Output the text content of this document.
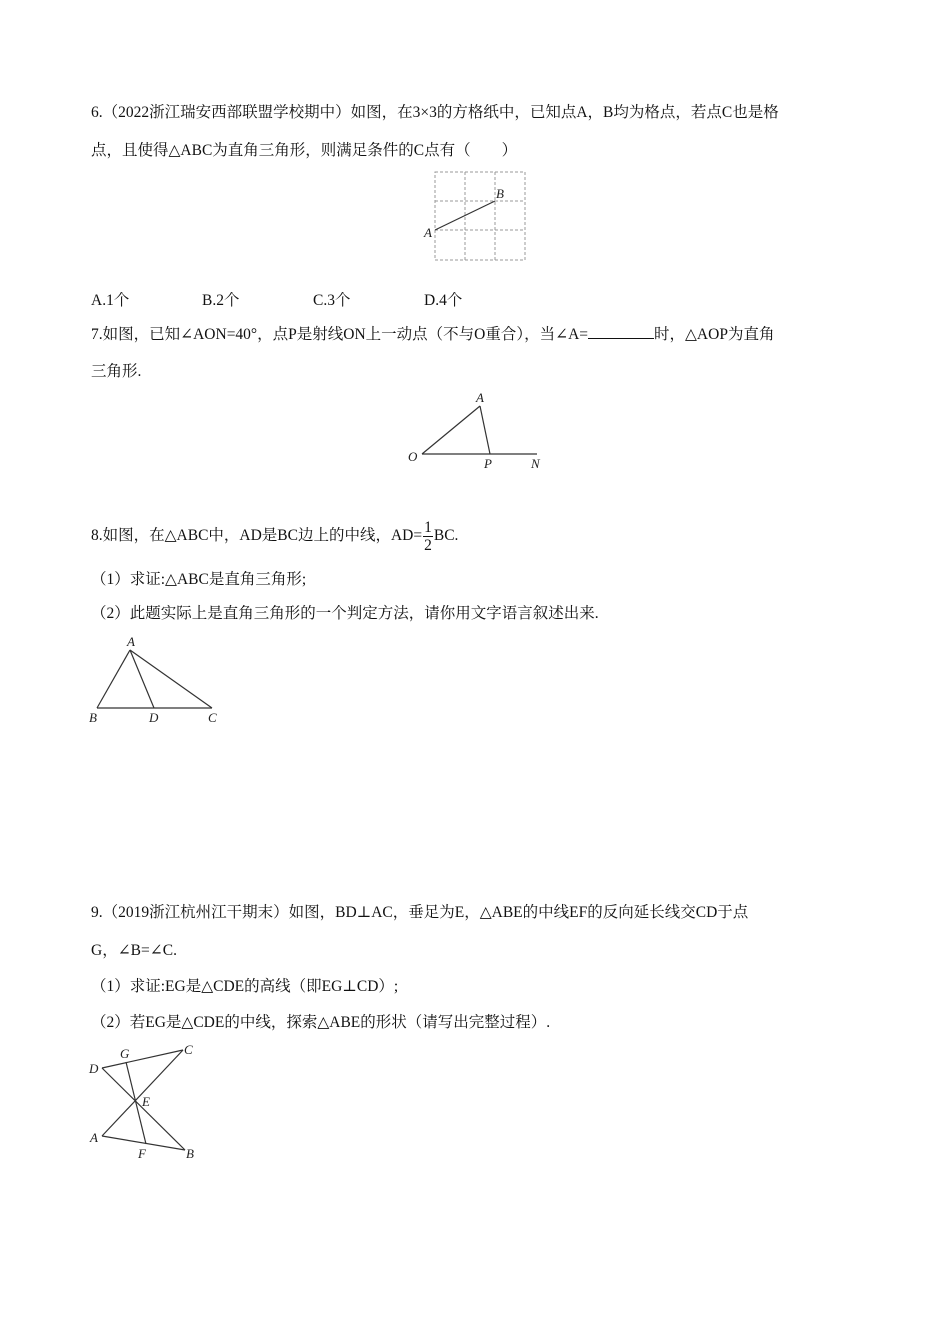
6.（2022浙江瑞安西部联盟学校期中）如图，在3×3的方格纸中，已知点A，B均为格点，若点C也是格
点，且使得△ABC为直角三角形，则满足条件的C点有（　　）
A
B
A.1个	B.2个	C.3个	D.4个
7.如图，已知∠AON=40°，点P是射线ON上一动点（不与O重合），当∠A=	时，△AOP为直角
三角形.
A
O	P	N
8.如图，在△ABC中，AD是BC边上的中线，$AD= \frac{1}{2}$ BC.
（1）求证:△ABC是直角三角形;
（2）此题实际上是直角三角形的一个判定方法，请你用文字语言叙述出来.
A
B	D	C
9.（2019浙江杭州江干期末）如图，BD⊥AC，垂足为E，△ABE的中线EF的反向延长线交CD于点
G，∠B=∠C.
（1）求证:EG是△CDE的高线（即EG⊥CD）;
（2）若EG是△CDE的中线，探索△ABE的形状（请写出完整过程）.
D
G	C
E
A
F	B
